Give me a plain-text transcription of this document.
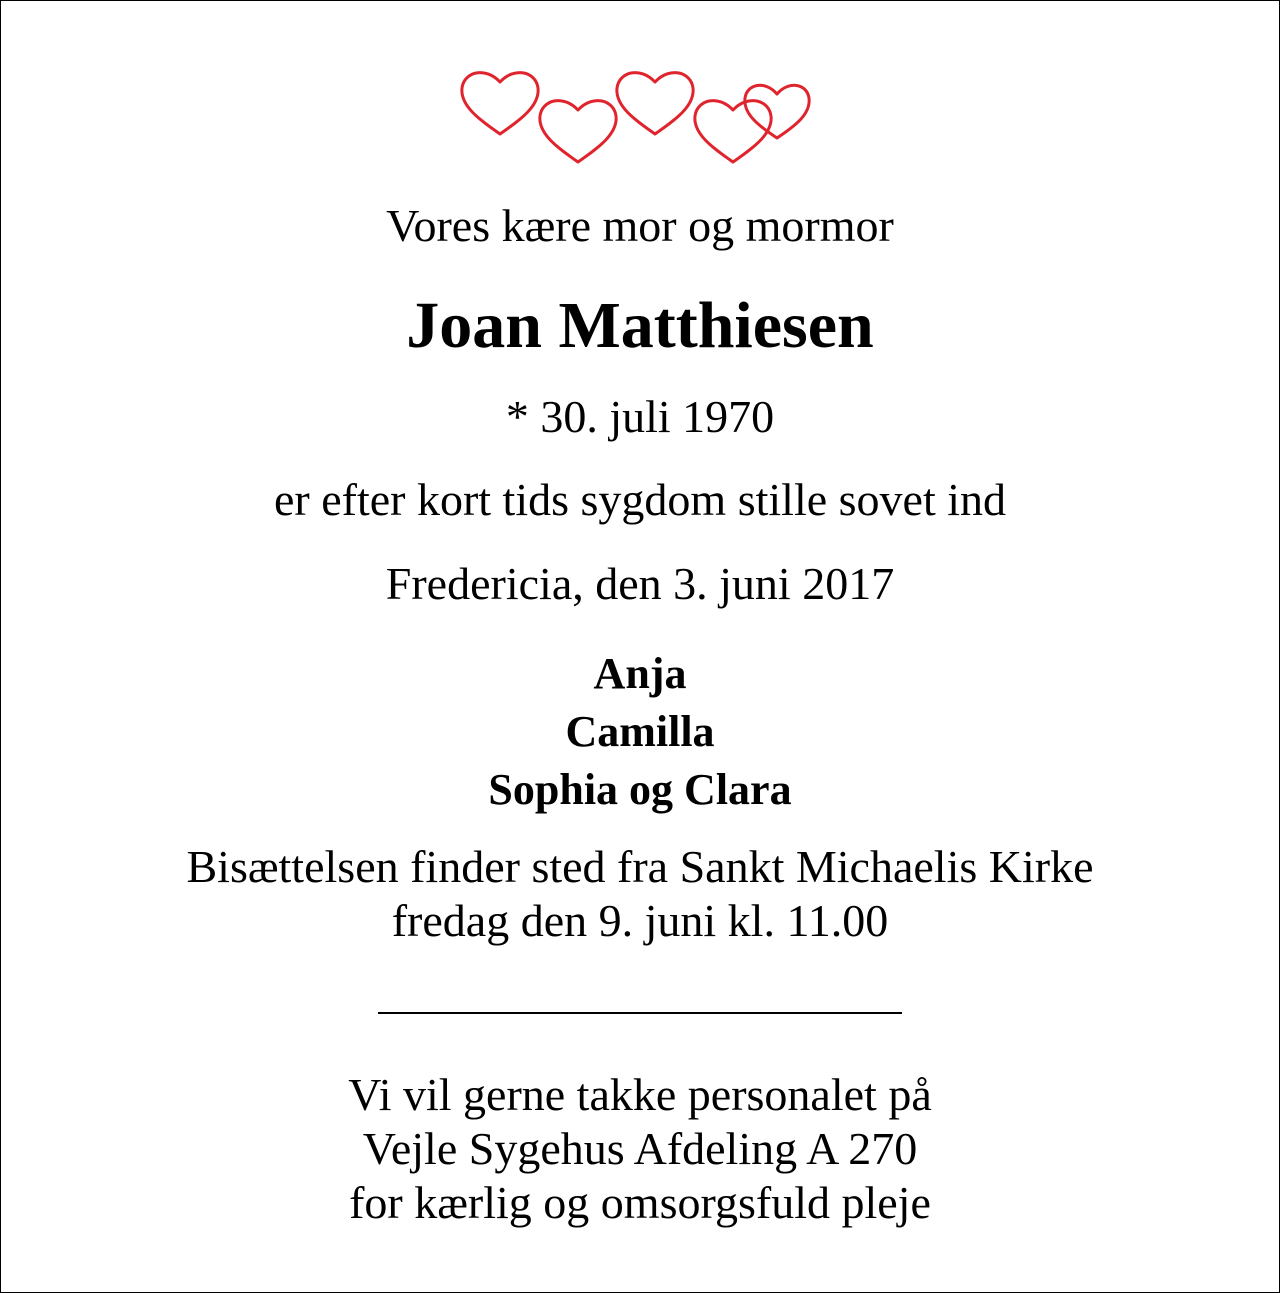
Vores kære mor og mormor
Joan Matthiesen
* 30. juli 1970
er efter kort tids sygdom stille sovet ind
Fredericia, den 3. juni 2017
Anja
Camilla
Sophia og Clara
Bisættelsen finder sted fra Sankt Michaelis Kirke
fredag den 9. juni kl. 11.00
Vi vil gerne takke personalet på
Vejle Sygehus Afdeling A 270
for kærlig og omsorgsfuld pleje
